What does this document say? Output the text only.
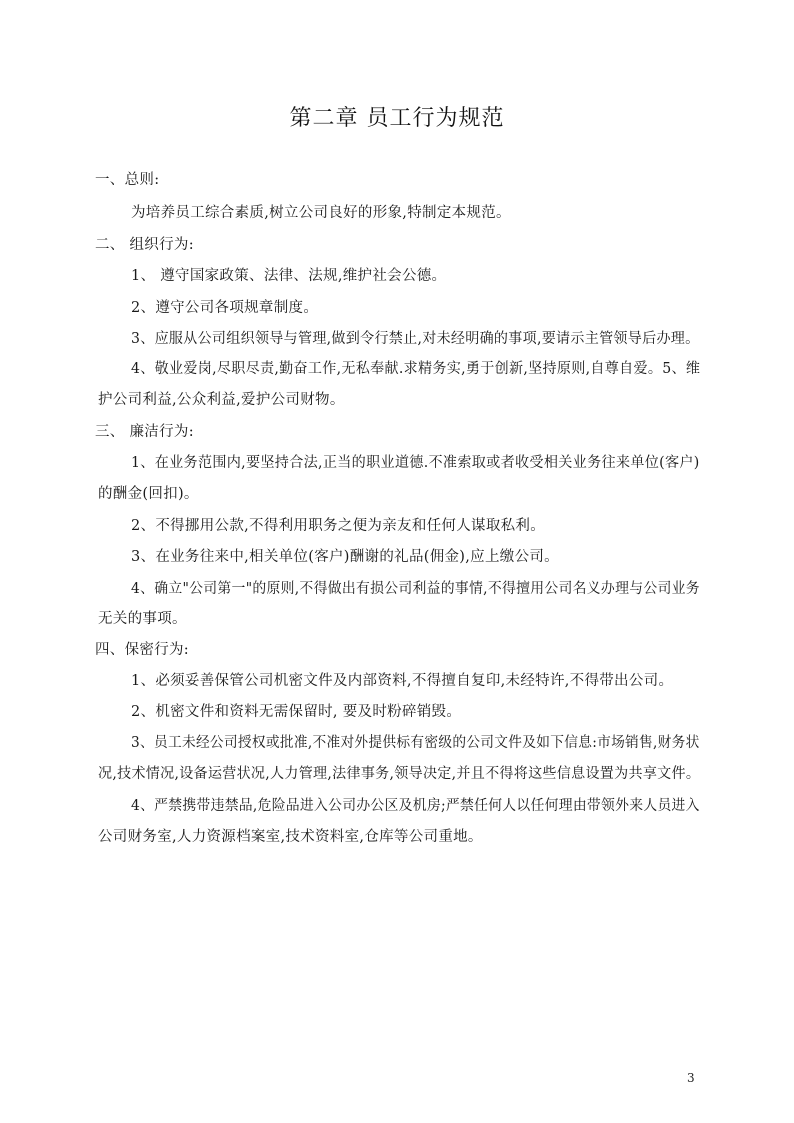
第二章 员工行为规范
一、总则:
为培养员工综合素质,树立公司良好的形象,特制定本规范。
二、 组织行为:
1、 遵守国家政策、法律、法规,维护社会公德。
2、遵守公司各项规章制度。
3、应服从公司组织领导与管理,做到令行禁止,对未经明确的事项,要请示主管领导后办理。
4、敬业爱岗,尽职尽责,勤奋工作,无私奉献.求精务实,勇于创新,坚持原则,自尊自爱。5、维
护公司利益,公众利益,爱护公司财物。
三、 廉洁行为:
1、在业务范围内,要坚持合法,正当的职业道德.不准索取或者收受相关业务往来单位(客户)
的酬金(回扣)。
2、不得挪用公款,不得利用职务之便为亲友和任何人谋取私利。
3、在业务往来中,相关单位(客户)酬谢的礼品(佣金),应上缴公司。
4、确立"公司第一"的原则,不得做出有损公司利益的事情,不得擅用公司名义办理与公司业务
无关的事项。
四、保密行为:
1、必须妥善保管公司机密文件及内部资料,不得擅自复印,未经特许,不得带出公司。
2、机密文件和资料无需保留时, 要及时粉碎销毁。
3、员工未经公司授权或批准,不准对外提供标有密级的公司文件及如下信息:市场销售,财务状
况,技术情况,设备运营状况,人力管理,法律事务,领导决定,并且不得将这些信息设置为共享文件。
4、严禁携带违禁品,危险品进入公司办公区及机房;严禁任何人以任何理由带领外来人员进入
公司财务室,人力资源档案室,技术资料室,仓库等公司重地。
3
